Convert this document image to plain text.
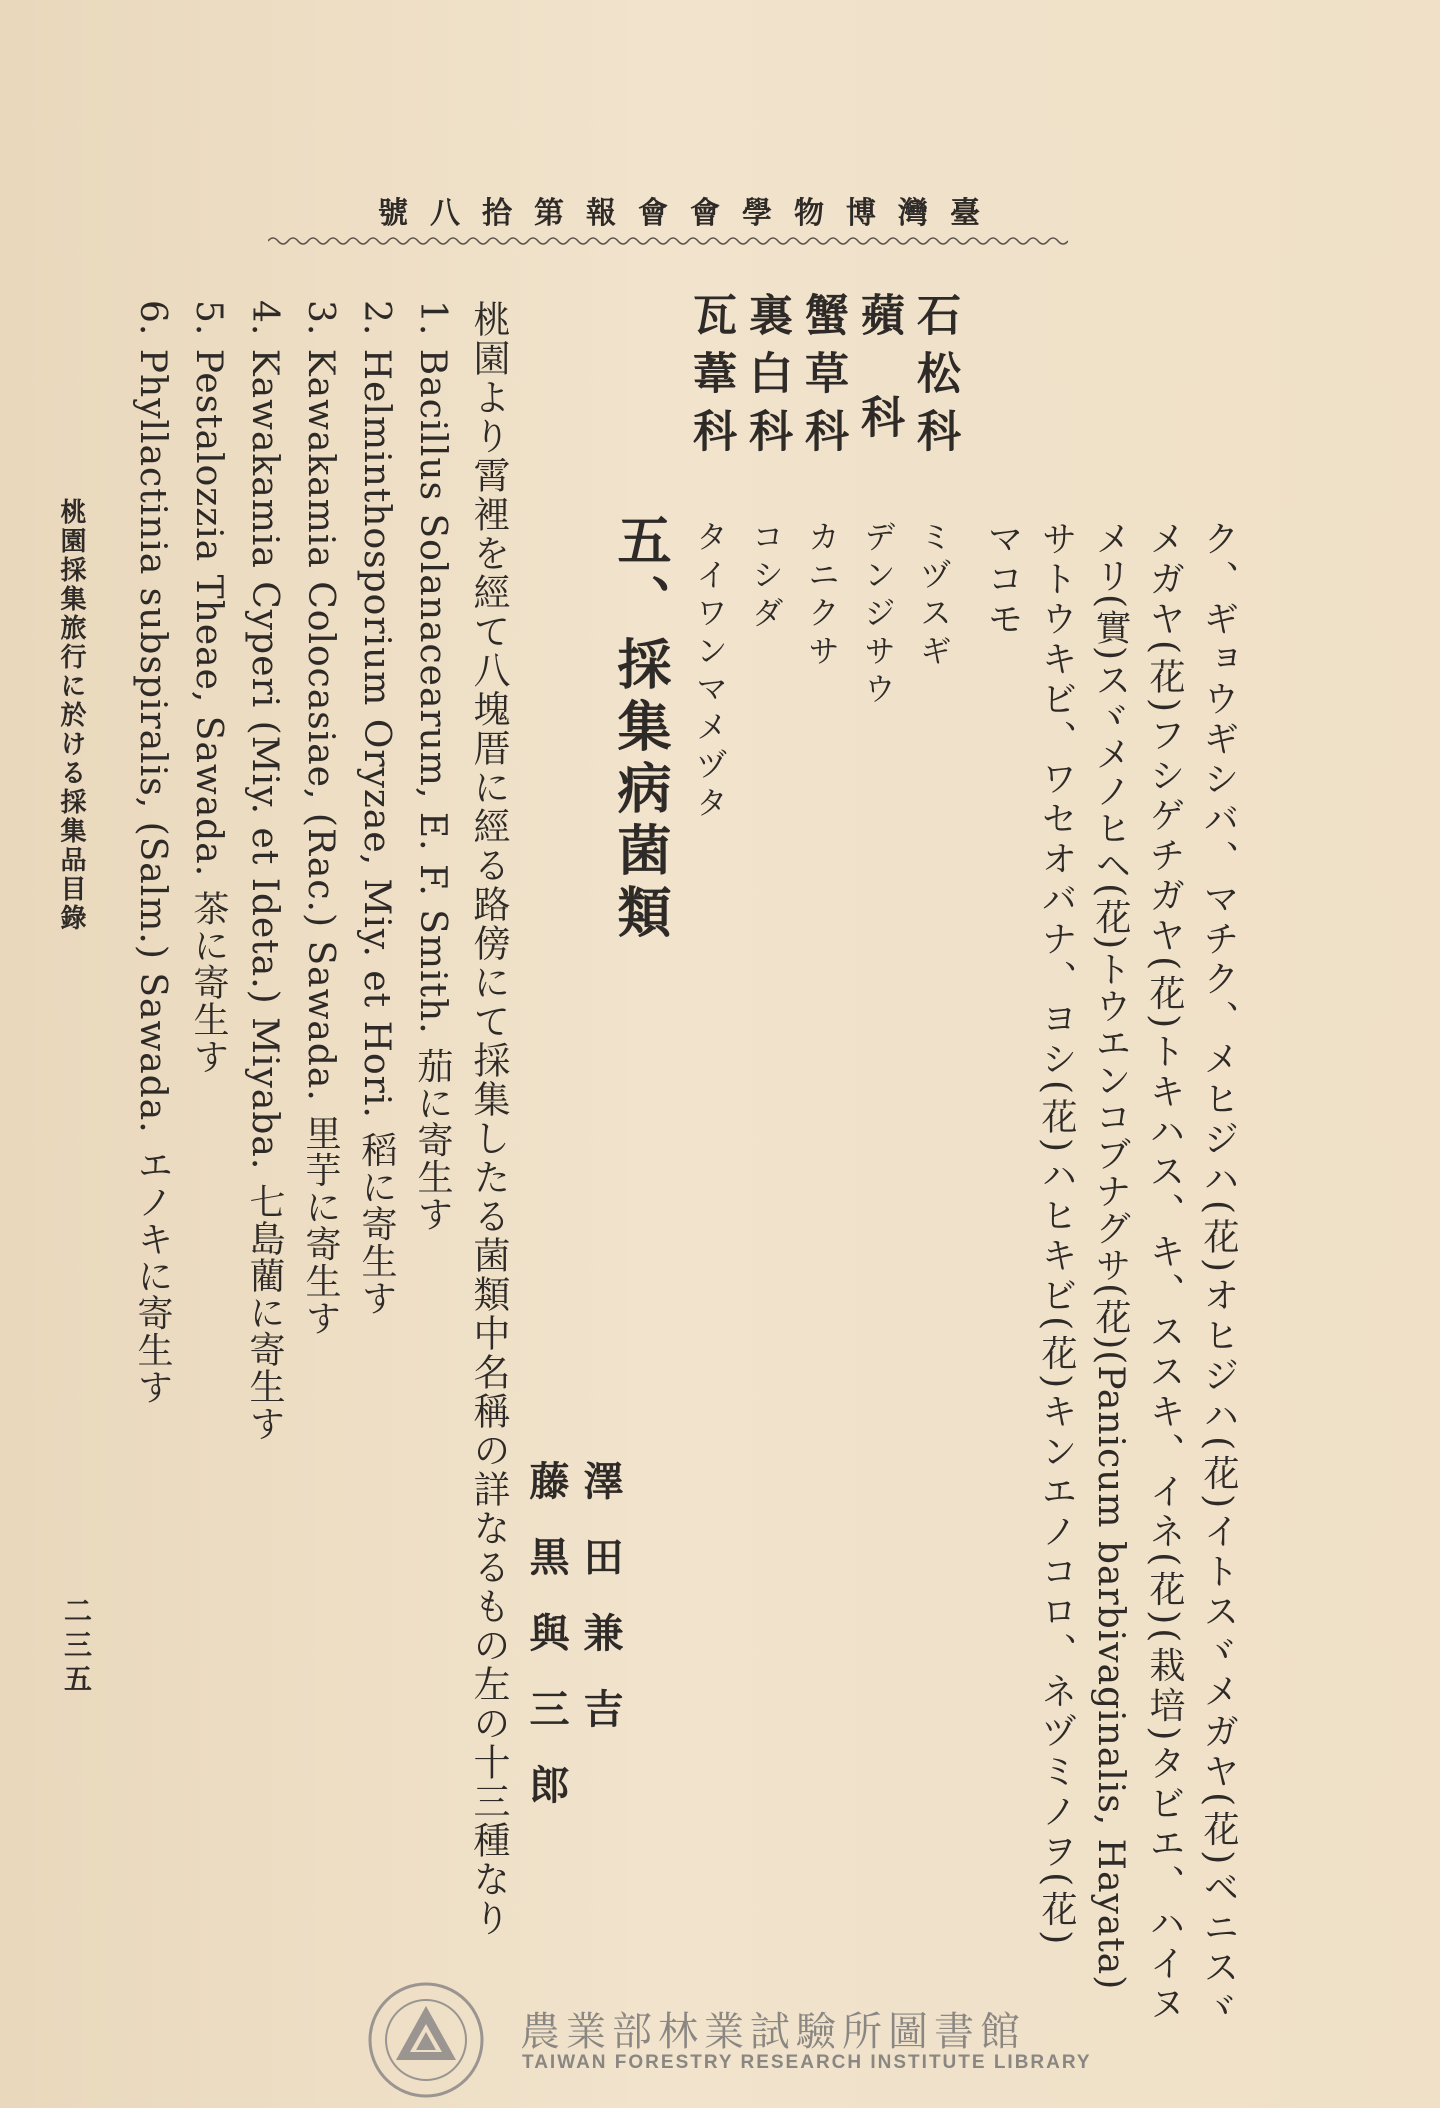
臺灣博物學會會報第拾八號
ク、ギョウギシバ、マチク、メヒジハ(花)オヒジハ(花)イトスヾメガヤ(花)ベニスヾ
メガヤ(花)フシゲチガヤ(花)トキハス、キ、ススキ、イネ(花)(栽培)タビエ、ハイヌ
メリ(實)スヾメノヒヘ(花)トウエンコブナグサ(花)(Panicum barbivaginalis, Hayata)
サトウキビ、ワセオバナ、ヨシ(花)ハヒキビ(花)キンエノコロ、ネヅミノヲ(花)
マコモ
石松科
蘋科
蟹草科
裏白科
瓦葦科
ミヅスギ
デンジサウ
カニクサ
コシダ
タイワンマメヅタ
五、採集病菌類
澤田兼吉
藤黒與三郎
桃園より霄裡を經て八塊厝に經る路傍にて採集したる菌類中名稱の詳なるもの左の十三種なり
1. Bacillus Solanacearum, E. F. Smith. 茄に寄生す
2. Helminthosporium Oryzae, Miy. et Hori. 稻に寄生す
3. Kawakamia Colocasiae, (Rac.) Sawada. 里芋に寄生す
4. Kawakamia Cyperi (Miy. et Ideta.) Miyaba. 七島藺に寄生す
5. Pestalozzia Theae, Sawada. 茶に寄生す
6. Phyllactinia subspiralis, (Salm.) Sawada. エノキに寄生す
桃園採集旅行に於ける採集品目錄
二三五
農業部林業試驗所圖書館
TAIWAN FORESTRY RESEARCH INSTITUTE LIBRARY
